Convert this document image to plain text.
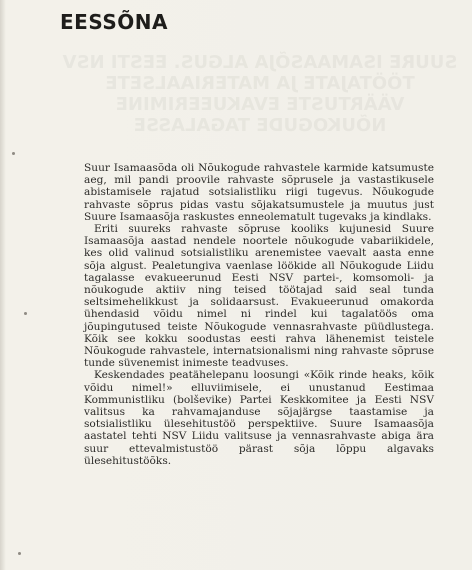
EESSÕNA
SUURE ISAMAASÕJA ALGUS. EESTI NSV
TÖÖTAJATE JA MATERIAALSETE
VÄÄRTUSTE EVAKUEERIMINE
NÕUKOGUDE TAGALASSE

Suur Isamaasõda oli Nõukogude rahvastele karmide katsumuste aeg, mil pandi proovile rahvaste sõprusele ja vastastikusele abistamisele rajatud sotsialistliku riigi tugevus. Nõukogude rahvaste sõprus pidas vastu sõjakatsumustele ja muutus just Suure Isamaasõja raskustes enneolematult tugevaks ja kindlaks.

Eriti suureks rahvaste sõpruse kooliks kujunesid Suure Isamaasõja aastad nendele noortele nõukogude vabariikidele, kes olid valinud sotsialistliku arenemistee vaevalt aasta enne sõja algust. Pealetungiva vaenlase löökide all Nõukogude Liidu tagalasse evakueerunud Eesti NSV partei-, komsomoli- ja nõukogude aktiiv ning teised töötajad said seal tunda seltsimehelikkust ja solidaarsust. Evakueerunud omakorda ühendasid võidu nimel ni rindel kui tagalatöös oma jõupingutused teiste Nõukogude vennasrahvaste püüdlustega. Kõik see kokku soodustas eesti rahva lähenemist teistele Nõukogude rahvastele, internatsionalismi ning rahvaste sõpruse tunde süvenemist inimeste teadvuses.

Keskendades peatähelepanu loosungi «Kõik rinde heaks, kõik võidu nimel!» elluviimisele, ei unustanud Eestimaa Kommunistliku (bolševike) Partei Keskkomitee ja Eesti NSV valitsus ka rahvamajanduse sõjajärgse taastamise ja sotsialistliku ülesehitustöö perspektiive. Suure Isamaasõja aastatel tehti NSV Liidu valitsuse ja vennasrahvaste abiga ära suur ettevalmistustöö pärast sõja lõppu algavaks ülesehitustöõks.
